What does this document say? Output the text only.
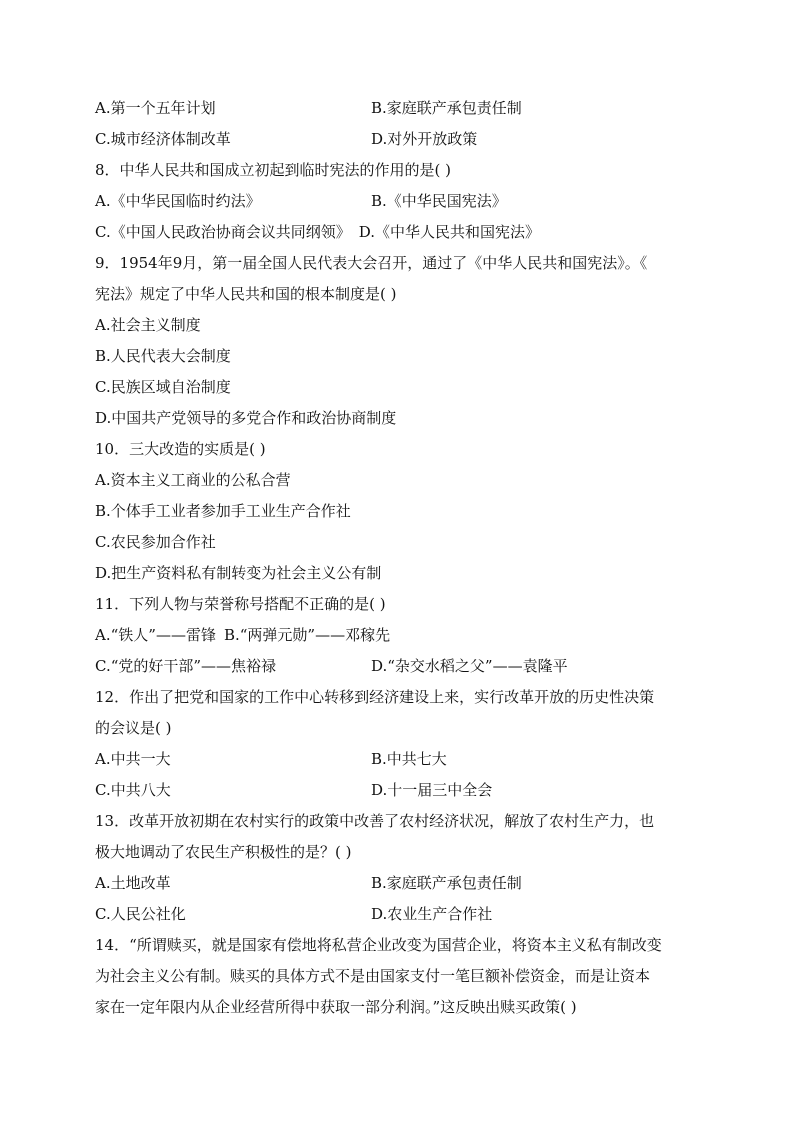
A.第一个五年计划	B.家庭联产承包责任制
C.城市经济体制改革	D.对外开放政策
8．中华人民共和国成立初起到临时宪法的作用的是( )
A.《中华民国临时约法》	B.《中华民国宪法》
C.《中国人民政治协商会议共同纲领》 D.《中华人民共和国宪法》
9．1954年9月，第一届全国人民代表大会召开，通过了《中华人民共和国宪法》。《
宪法》规定了中华人民共和国的根本制度是( )
A.社会主义制度
B.人民代表大会制度
C.民族区域自治制度
D.中国共产党领导的多党合作和政治协商制度
10．三大改造的实质是( )
A.资本主义工商业的公私合营
B.个体手工业者参加手工业生产合作社
C.农民参加合作社
D.把生产资料私有制转变为社会主义公有制
11．下列人物与荣誉称号搭配不正确的是( )
A.“铁人”——雷锋 B.“两弹元勋”——邓稼先
C.“党的好干部”——焦裕禄	D.“杂交水稻之父”——袁隆平
12．作出了把党和国家的工作中心转移到经济建设上来，实行改革开放的历史性决策
的会议是( )
A.中共一大	B.中共七大
C.中共八大	D.十一届三中全会
13．改革开放初期在农村实行的政策中改善了农村经济状况，解放了农村生产力，也
极大地调动了农民生产积极性的是？( )
A.土地改革	B.家庭联产承包责任制
C.人民公社化	D.农业生产合作社
14．“所谓赎买，就是国家有偿地将私营企业改变为国营企业，将资本主义私有制改变
为社会主义公有制。赎买的具体方式不是由国家支付一笔巨额补偿资金，而是让资本
家在一定年限内从企业经营所得中获取一部分利润。”这反映出赎买政策( )
